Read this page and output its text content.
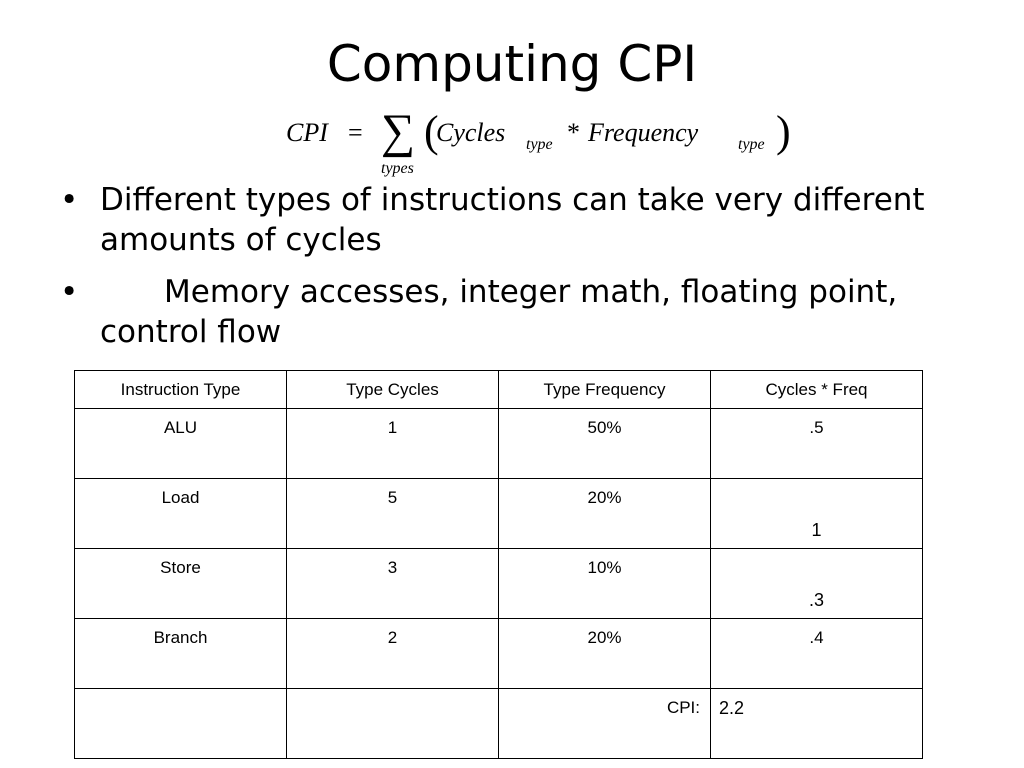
Computing CPI
CPI = ∑
types
(
Cycles type * Frequency type )
• Different types of instructions can take very different amounts of cycles
•	Memory accesses, integer math, floating point, control flow
Instruction Type	Type Cycles	Type Frequency	Cycles * Freq

ALU	1	50%	.5

Load	5	20%	1

Store	3	10%	.3

Branch	2	20%	.4

		CPI:	2.2
